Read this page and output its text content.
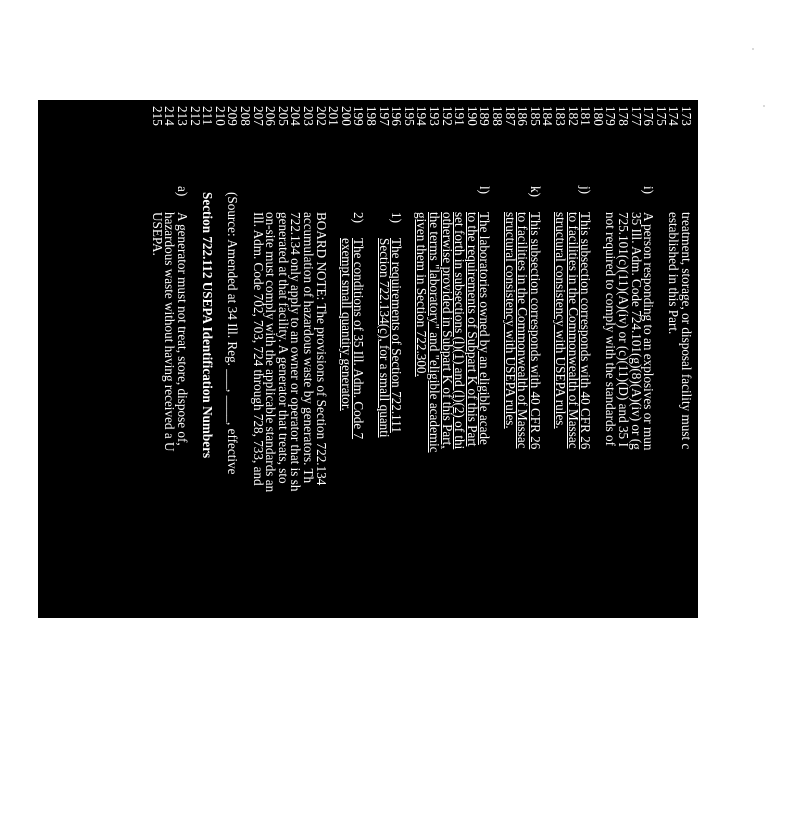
173
treatment, storage, or disposal facility must c
174
established in this Part.
175
176
i)
A person responding to an explosives or mun
177
35 Ill. Adm. Code 724.101(g)(8)(A)(iv) or (g
178
725.101(c)(11)(A)(iv) or (c)(11)(D) and 35 I
179
not required to comply with the standards of
180
181
j)
This subsection corresponds with 40 CFR 26
182
to facilities in the Commonwealth of Massac
183
structural consistency with USEPA rules.
184
185
k)
This subsection corresponds with 40 CFR 26
186
to facilities in the Commonwealth of Massac
187
structural consistency with USEPA rules.
188
189
l)
The laboratories owned by an eligible acade
190
to the requirements of Subpart K of this Part
191
set forth in subsections (l)(1) and (l)(2) of thi
192
otherwise provided in Subpart K of this Part,
193
the terms "laboratory" and "eligible academic
194
given them in Section 722.300.
195
196
1)
The requirements of Section 722.111
197
Section 722.134(c), for a small quanti
198
199
2)
The conditions of 35 Ill. Adm. Code 7
200
exempt small quantity generator.
201
202
BOARD NOTE: The provisions of Section 722.134
203
accumulation of hazardous waste by generators. Th
204
722.134 only apply to an owner or operator that is sh
205
generated at that facility. A generator that treats, sto
206
on-site must comply with the applicable standards an
207
Ill. Adm. Code 702, 703, 724 through 728, 733, and
208
209
(Source: Amended at 34 Ill. Reg. ___, ____, effective
210
211
Section 722.112 USEPA Identification Numbers
212
213
a)
A generator must not treat, store, dispose of,
214
hazardous waste without having received a U
215
USEPA.
